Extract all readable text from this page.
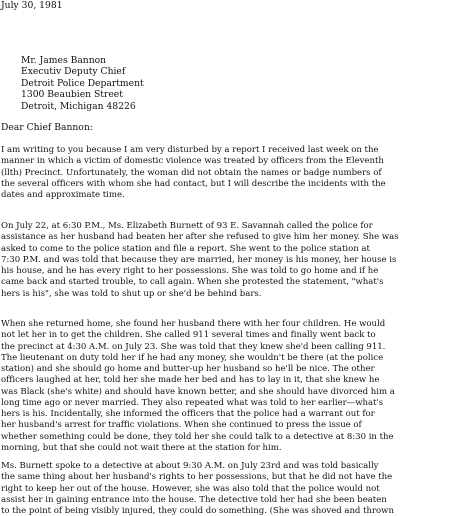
July 30, 1981
Mr. James Bannon
Executiv Deputy Chief
Detroit Police Department
1300 Beaubien Street
Detroit, Michigan 48226
Dear Chief Bannon:
I am writing to you because I am very disturbed by a report I received last week on the
manner in which a victim of domestic violence was treated by officers from the Eleventh
(llth) Precinct. Unfortunately, the woman did not obtain the names or badge numbers of
the several officers with whom she had contact, but I will describe the incidents with the
dates and approximate time.
On July 22, at 6:30 P.M., Ms. Elizabeth Burnett of 93 E. Savannah called the police for
assistance as her husband had beaten her after she refused to give him her money. She was
asked to come to the police station and file a report. She went to the police station at
7:30 P.M. and was told that because they are married, her money is his money, her house is
his house, and he has every right to her possessions. She was told to go home and if he
came back and started trouble, to call again. When she protested the statement, "what's
hers is his", she was told to shut up or she'd be behind bars.
When she returned home, she found her husband there with her four children. He would
not let her in to get the children. She called 911 several times and finally went back to
the precinct at 4:30 A.M. on July 23. She was told that they knew she'd been calling 911.
The lieutenant on duty told her if he had any money, she wouldn't be there (at the police
station) and she should go home and butter-up her husband so he'll be nice. The other
officers laughed at her, told her she made her bed and has to lay in it, that she knew he
was Black (she's white) and should have known better, and she should have divorced him a
long time ago or never married. They also repeated what was told to her earlier—what's
hers is his. Incidentally, she informed the officers that the police had a warrant out for
her husband's arrest for traffic violations. When she continued to press the issue of
whether something could be done, they told her she could talk to a detective at 8:30 in the
morning, but that she could not wait there at the station for him.
Ms. Burnett spoke to a detective at about 9:30 A.M. on July 23rd and was told basically
the same thing about her husband's rights to her possessions, but that he did not have the
right to keep her out of the house. However, she was also told that the police would not
assist her in gaining entrance into the house. The detective told her had she been beaten
to the point of being visibly injured, they could do something. (She was shoved and thrown
